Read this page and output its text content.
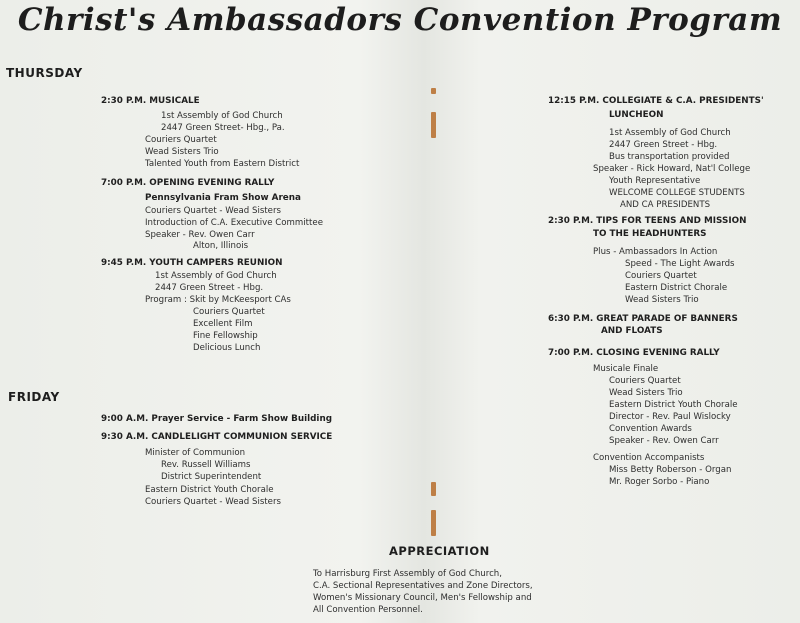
Christ's Ambassadors Convention Program
THURSDAY
2:30 P.M. MUSICALE
1st Assembly of God Church
2447 Green Street- Hbg., Pa.
Couriers Quartet
Wead Sisters Trio
Talented Youth from Eastern District
7:00 P.M. OPENING EVENING RALLY
Pennsylvania Fram Show Arena
Couriers Quartet - Wead Sisters
Introduction of C.A. Executive Committee
Speaker - Rev. Owen Carr
Alton, Illinois
9:45 P.M. YOUTH CAMPERS REUNION
1st Assembly of God Church
2447 Green Street - Hbg.
Program : Skit by McKeesport CAs
Couriers Quartet
Excellent Film
Fine Fellowship
Delicious Lunch
FRIDAY
9:00 A.M. Prayer Service - Farm Show Building
9:30 A.M. CANDLELIGHT COMMUNION SERVICE
Minister of Communion
Rev. Russell Williams
District Superintendent
Eastern District Youth Chorale
Couriers Quartet - Wead Sisters
12:15 P.M. COLLEGIATE & C.A. PRESIDENTS'
LUNCHEON
1st Assembly of God Church
2447 Green Street - Hbg.
Bus transportation provided
Speaker - Rick Howard, Nat'l College
Youth Representative
WELCOME COLLEGE STUDENTS
AND CA PRESIDENTS
2:30 P.M. TIPS FOR TEENS AND MISSION
TO THE HEADHUNTERS
Plus - Ambassadors In Action
Speed - The Light Awards
Couriers Quartet
Eastern District Chorale
Wead Sisters Trio
6:30 P.M. GREAT PARADE OF BANNERS
AND FLOATS
7:00 P.M. CLOSING EVENING RALLY
Musicale Finale
Couriers Quartet
Wead Sisters Trio
Eastern District Youth Chorale
Director - Rev. Paul Wislocky
Convention Awards
Speaker - Rev. Owen Carr
Convention Accompanists
Miss Betty Roberson - Organ
Mr. Roger Sorbo - Piano
APPRECIATION
To Harrisburg First Assembly of God Church,
C.A. Sectional Representatives and Zone Directors,
Women's Missionary Council, Men's Fellowship and
All Convention Personnel.
